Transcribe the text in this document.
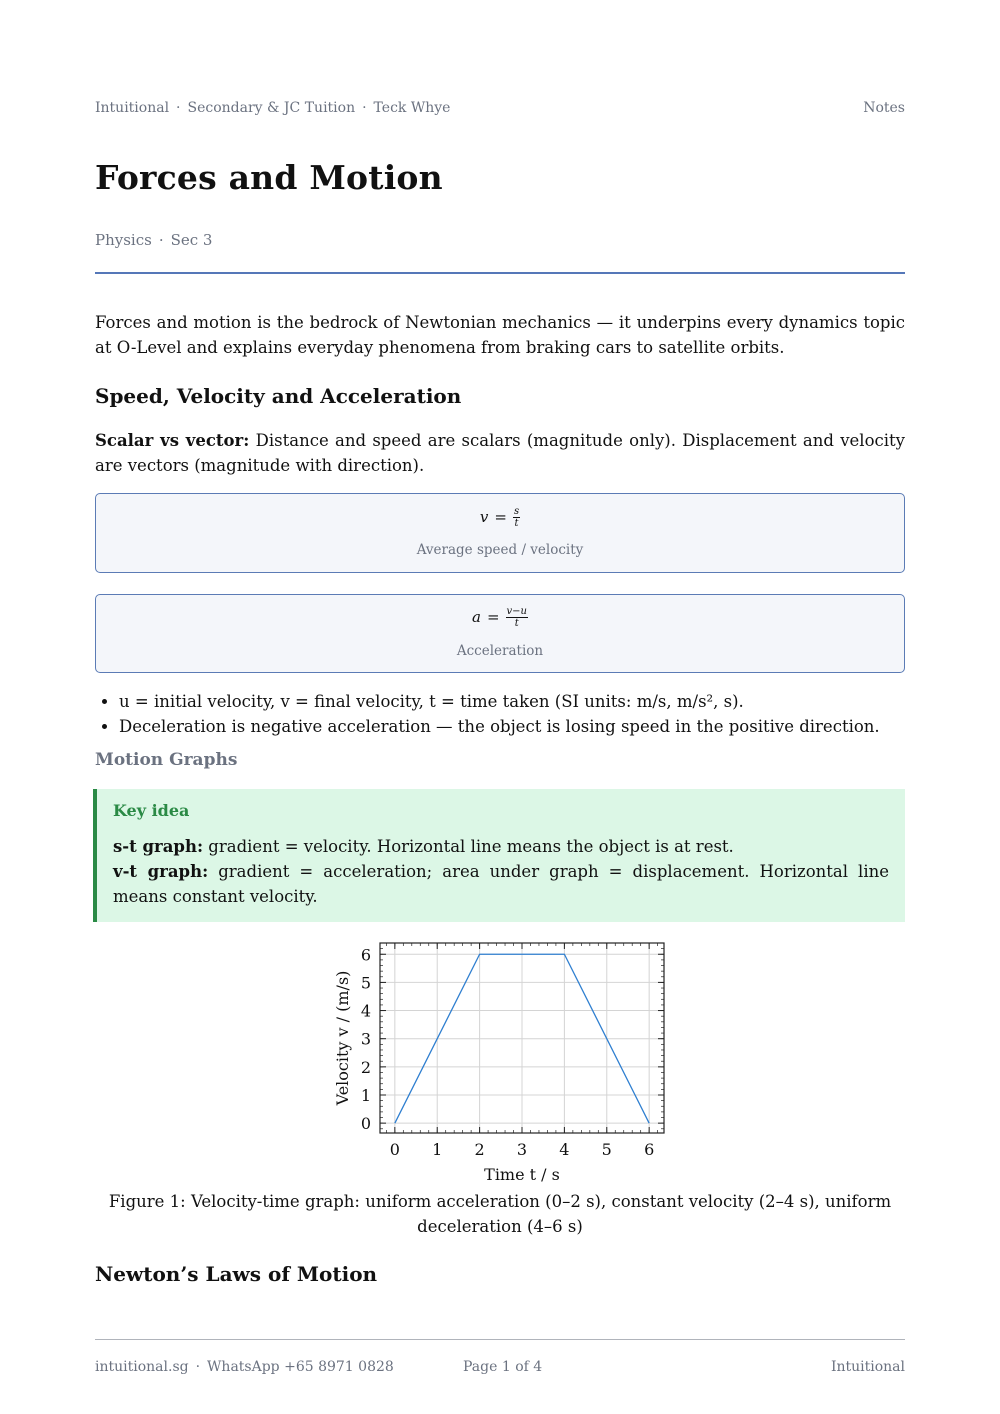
Intuitional · Secondary & JC Tuition · Teck Whye	Notes
Forces and Motion
Physics · Sec 3
Forces and motion is the bedrock of Newtonian mechanics — it underpins every dynamics topic at O-Level and explains everyday phenomena from braking cars to satellite orbits.
Speed, Velocity and Acceleration
Scalar vs vector: Distance and speed are scalars (magnitude only). Displacement and velocity are vectors (magnitude with direction).
$v = \frac{s}{t}$
Average speed / velocity
$a = \frac{v-u}{t}$
Acceleration
• u = initial velocity, v = final velocity, t = time taken (SI units: m/s, m/s², s).
• Deceleration is negative acceleration — the object is losing speed in the positive direction.
Motion Graphs
Key idea
s-t graph: gradient = velocity. Horizontal line means the object is at rest.
v-t graph: gradient = acceleration; area under graph = displacement. Horizontal line means constant velocity.
0 1 2 3 4 5 6
0
1
2
3
4
5
6
Time t / s
Velocity v / (m/s)
Figure 1: Velocity-time graph: uniform acceleration (0–2 s), constant velocity (2–4 s), uniform deceleration (4–6 s)
Newton’s Laws of Motion
intuitional.sg · WhatsApp +65 8971 0828	Page 1 of 4	Intuitional
